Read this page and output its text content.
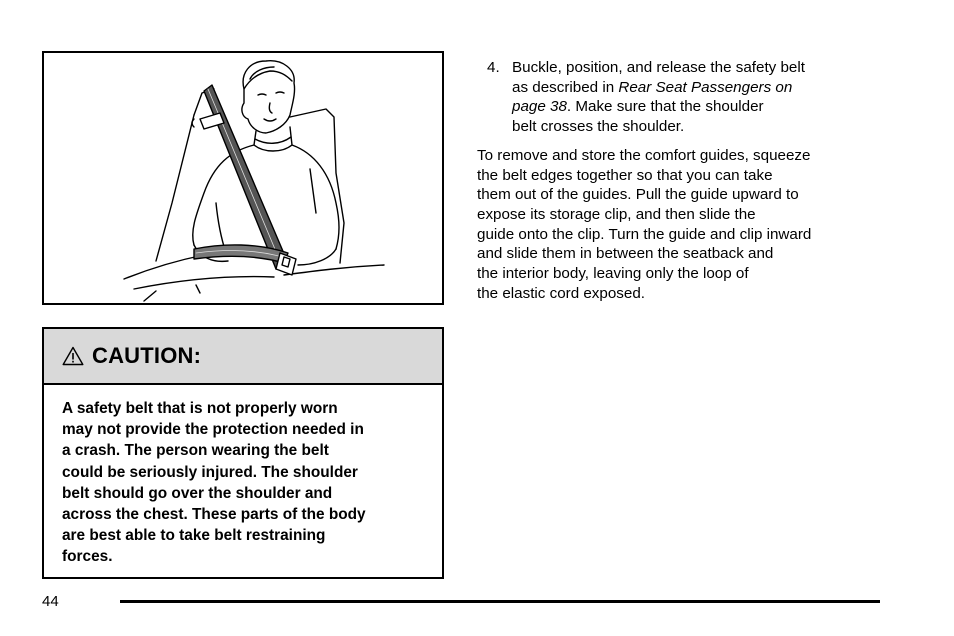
CAUTION:
A safety belt that is not properly worn
may not provide the protection needed in
a crash. The person wearing the belt
could be seriously injured. The shoulder
belt should go over the shoulder and
across the chest. These parts of the body
are best able to take belt restraining
forces.
4. Buckle, position, and release the safety belt
as described in Rear Seat Passengers on
page 38. Make sure that the shoulder
belt crosses the shoulder.
To remove and store the comfort guides, squeeze
the belt edges together so that you can take
them out of the guides. Pull the guide upward to
expose its storage clip, and then slide the
guide onto the clip. Turn the guide and clip inward
and slide them in between the seatback and
the interior body, leaving only the loop of
the elastic cord exposed.
44
